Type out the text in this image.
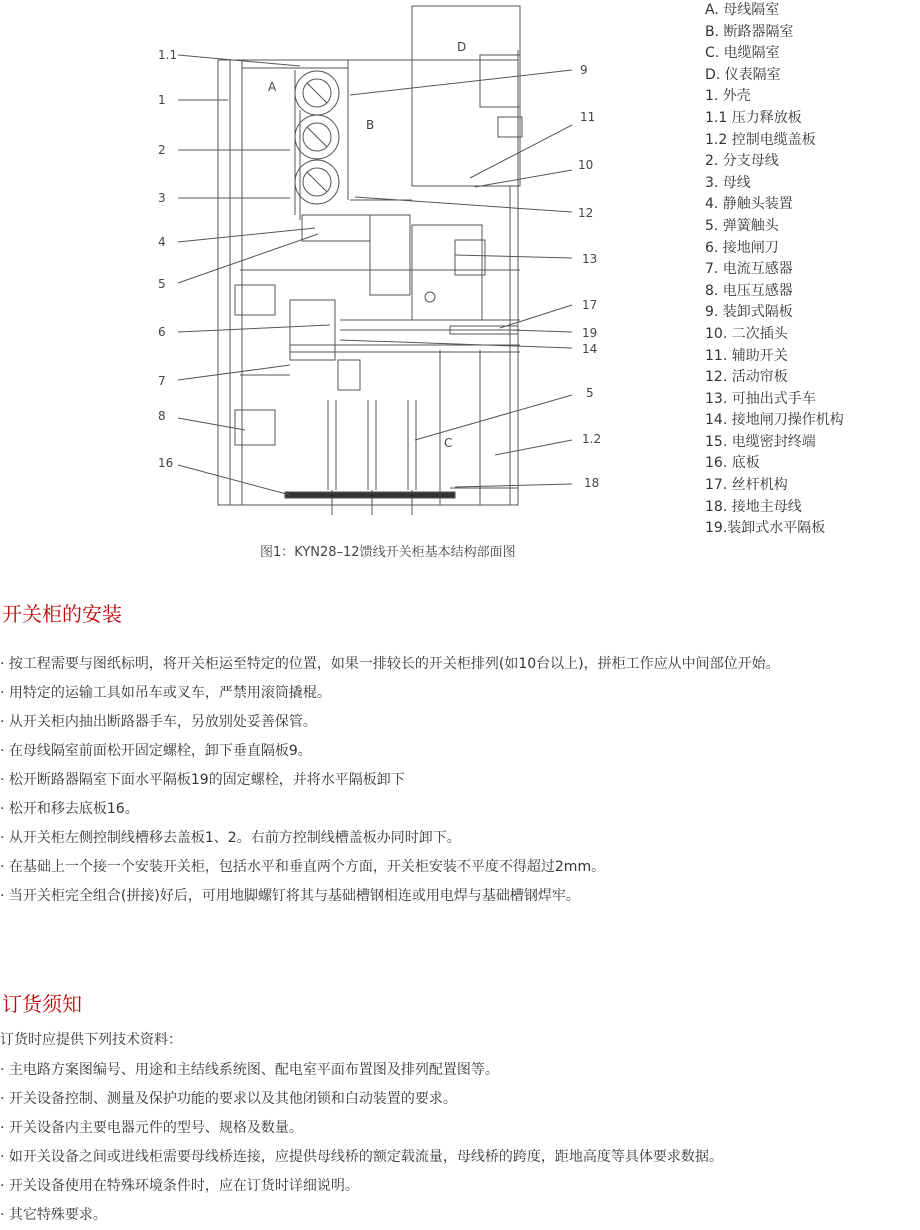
A
B
C
D
1.1
1
2
3
4
5
6
7
8
16
9
11
10
12
13
17
19
14
5
1.2
18
A. 母线隔室
B. 断路器隔室
C. 电缆隔室
D. 仪表隔室
1. 外壳
1.1 压力释放板
1.2 控制电缆盖板
2. 分支母线
3. 母线
4. 静触头装置
5. 弹簧触头
6. 接地闸刀
7. 电流互感器
8. 电压互感器
9. 装卸式隔板
10. 二次插头
11. 辅助开关
12. 活动帘板
13. 可抽出式手车
14. 接地闸刀操作机构
15. 电缆密封终端
16. 底板
17. 丝杆机构
18. 接地主母线
19.装卸式水平隔板
图1：KYN28–12馈线开关柜基本结构部面图
开关柜的安装
· 按工程需要与图纸标明，将开关柜运至特定的位置，如果一排较长的开关柜排列(如10台以上)，拼柜工作应从中间部位开始。
· 用特定的运输工具如吊车或叉车，严禁用滚筒撬棍。
· 从开关柜内抽出断路器手车，另放别处妥善保管。
· 在母线隔室前面松开固定螺栓，卸下垂直隔板9。
· 松开断路器隔室下面水平隔板19的固定螺栓，并将水平隔板卸下
· 松开和移去底板16。
· 从开关柜左侧控制线槽移去盖板1、2。右前方控制线槽盖板办同时卸下。
· 在基础上一个接一个安装开关柜，包括水平和垂直两个方面，开关柜安装不平度不得超过2mm。
· 当开关柜完全组合(拼接)好后，可用地脚螺钉将其与基础槽钢相连或用电焊与基础槽钢焊牢。
订货须知
订货时应提供下列技术资料：
· 主电路方案图编号、用途和主结线系统图、配电室平面布置图及排列配置图等。
· 开关设备控制、测量及保护功能的要求以及其他闭锁和白动装置的要求。
· 开关设备内主要电器元件的型号、规格及数量。
· 如开关设备之间或进线柜需要母线桥连接，应提供母线桥的额定载流量，母线桥的跨度，距地高度等具体要求数据。
· 开关设备使用在特殊环境条件时，应在订货时详细说明。
· 其它特殊要求。
